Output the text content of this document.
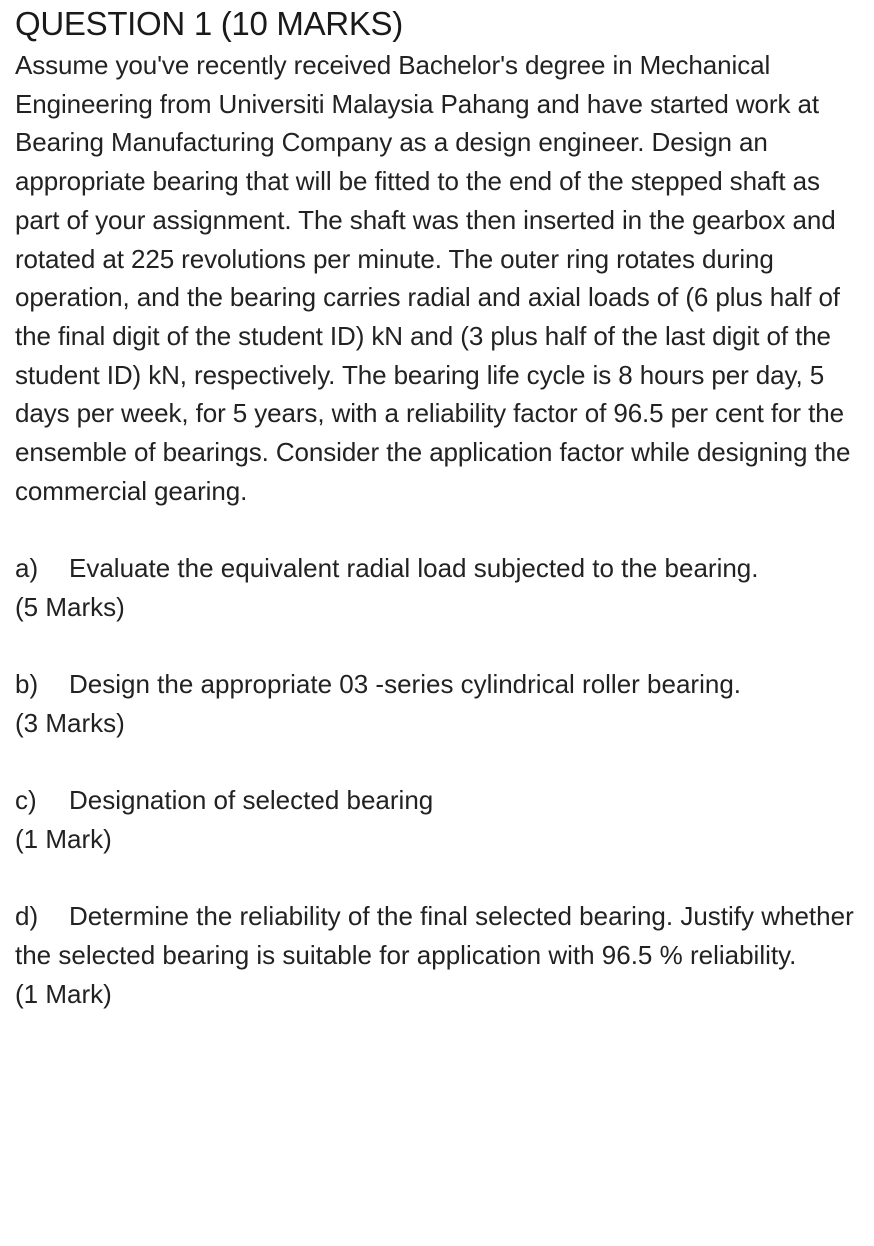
QUESTION 1 (10 MARKS)

Assume you've recently received Bachelor's degree in Mechanical Engineering from Universiti Malaysia Pahang and have started work at Bearing Manufacturing Company as a design engineer. Design an appropriate bearing that will be fitted to the end of the stepped shaft as part of your assignment. The shaft was then inserted in the gearbox and rotated at 225 revolutions per minute. The outer ring rotates during operation, and the bearing carries radial and axial loads of (6 plus half of the final digit of the student ID) kN and (3 plus half of the last digit of the student ID) kN, respectively. The bearing life cycle is 8 hours per day, 5 days per week, for 5 years, with a reliability factor of 96.5 per cent for the ensemble of bearings. Consider the application factor while designing the commercial gearing.

a) Evaluate the equivalent radial load subjected to the bearing.

(5 Marks)

b) Design the appropriate 03 -series cylindrical roller bearing.

(3 Marks)

c) Designation of selected bearing

(1 Mark)

d) Determine the reliability of the final selected bearing. Justify whether the selected bearing is suitable for application with 96.5 % reliability.

(1 Mark)
